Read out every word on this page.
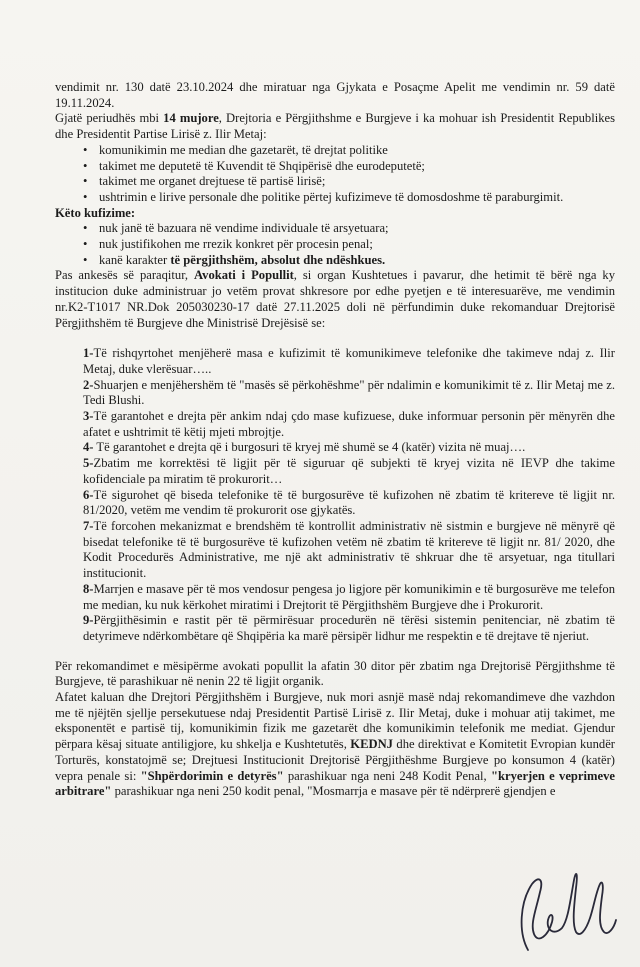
vendimit nr. 130 datë 23.10.2024 dhe miratuar nga Gjykata e Posaçme Apelit me vendimin nr. 59 datë 19.11.2024.

Gjatë periudhës mbi 14 mujore, Drejtoria e Përgjithshme e Burgjeve i ka mohuar ish Presidentit Republikes dhe Presidentit Partise Lirisë z. Ilir Metaj:

• komunikimin me median dhe gazetarët, të drejtat politike
• takimet me deputetë të Kuvendit të Shqipërisë dhe eurodeputetë;
• takimet me organet drejtuese të partisë lirisë;
• ushtrimin e lirive personale dhe politike përtej kufizimeve të domosdoshme të paraburgimit.

Këto kufizime:

• nuk janë të bazuara në vendime individuale të arsyetuara;
• nuk justifikohen me rrezik konkret për procesin penal;
• kanë karakter të përgjithshëm, absolut dhe ndëshkues.

Pas ankesës së paraqitur, Avokati i Popullit, si organ Kushtetues i pavarur, dhe hetimit të bërë nga ky institucion duke administruar jo vetëm provat shkresore por edhe pyetjen e të interesuarëve, me vendimin nr.K2-T1017 NR.Dok 205030230-17 datë 27.11.2025 doli në përfundimin duke rekomanduar Drejtorisë Përgjithshëm të Burgjeve dhe Ministrisë Drejësisë se:

1-Të rishqyrtohet menjëherë masa e kufizimit të komunikimeve telefonike dhe takimeve ndaj z. Ilir Metaj, duke vlerësuar…..

2-Shuarjen e menjëhershëm të "masës së përkohëshme" për ndalimin e komunikimit të z. Ilir Metaj me z. Tedi Blushi.

3-Të garantohet e drejta për ankim ndaj çdo mase kufizuese, duke informuar personin për mënyrën dhe afatet e ushtrimit të këtij mjeti mbrojtje.

4- Të garantohet e drejta që i burgosuri të kryej më shumë se 4 (katër) vizita në muaj….

5-Zbatim me korrektësi të ligjit për të siguruar që subjekti të kryej vizita në IEVP dhe takime kofidenciale pa miratim të prokurorit…

6-Të sigurohet që biseda telefonike të të burgosurëve të kufizohen në zbatim të kritereve të ligjit nr. 81/2020, vetëm me vendim të prokurorit ose gjykatës.

7-Të forcohen mekanizmat e brendshëm të kontrollit administrativ në sistmin e burgjeve në mënyrë që bisedat telefonike të të burgosurëve të kufizohen vetëm në zbatim të kritereve të ligjit nr. 81/ 2020, dhe Kodit Procedurës Administrative, me një akt administrativ të shkruar dhe të arsyetuar, nga titullari institucionit.

8-Marrjen e masave për të mos vendosur pengesa jo ligjore për komunikimin e të burgosurëve me telefon me median, ku nuk kërkohet miratimi i Drejtorit të Përgjithshëm Burgjeve dhe i Prokurorit.

9-Përgjithësimin e rastit për të përmirësuar procedurën në tërësi sistemin penitenciar, në zbatim të detyrimeve ndërkombëtare që Shqipëria ka marë përsipër lidhur me respektin e të drejtave të njeriut.

Për rekomandimet e mësipërme avokati popullit la afatin 30 ditor për zbatim nga Drejtorisë Përgjithshme të Burgjeve, të parashikuar në nenin 22 të ligjit organik.

Afatet kaluan dhe Drejtori Përgjithshëm i Burgjeve, nuk mori asnjë masë ndaj rekomandimeve dhe vazhdon me të njëjtën sjellje persekutuese ndaj Presidentit Partisë Lirisë z. Ilir Metaj, duke i mohuar atij takimet, me eksponentët e partisë tij, komunikimin fizik me gazetarët dhe komunikimin telefonik me mediat. Gjendur përpara kësaj situate antiligjore, ku shkelja e Kushtetutës, KEDNJ dhe direktivat e Komitetit Evropian kundër Torturës, konstatojmë se; Drejtuesi Institucionit Drejtorisë Përgjithëshme Burgjeve po konsumon 4 (katër) vepra penale si: "Shpërdorimin e detyrës" parashikuar nga neni 248 Kodit Penal, "kryerjen e veprimeve arbitrare" parashikuar nga neni 250 kodit penal, "Mosmarrja e masave për të ndërprerë gjendjen e
